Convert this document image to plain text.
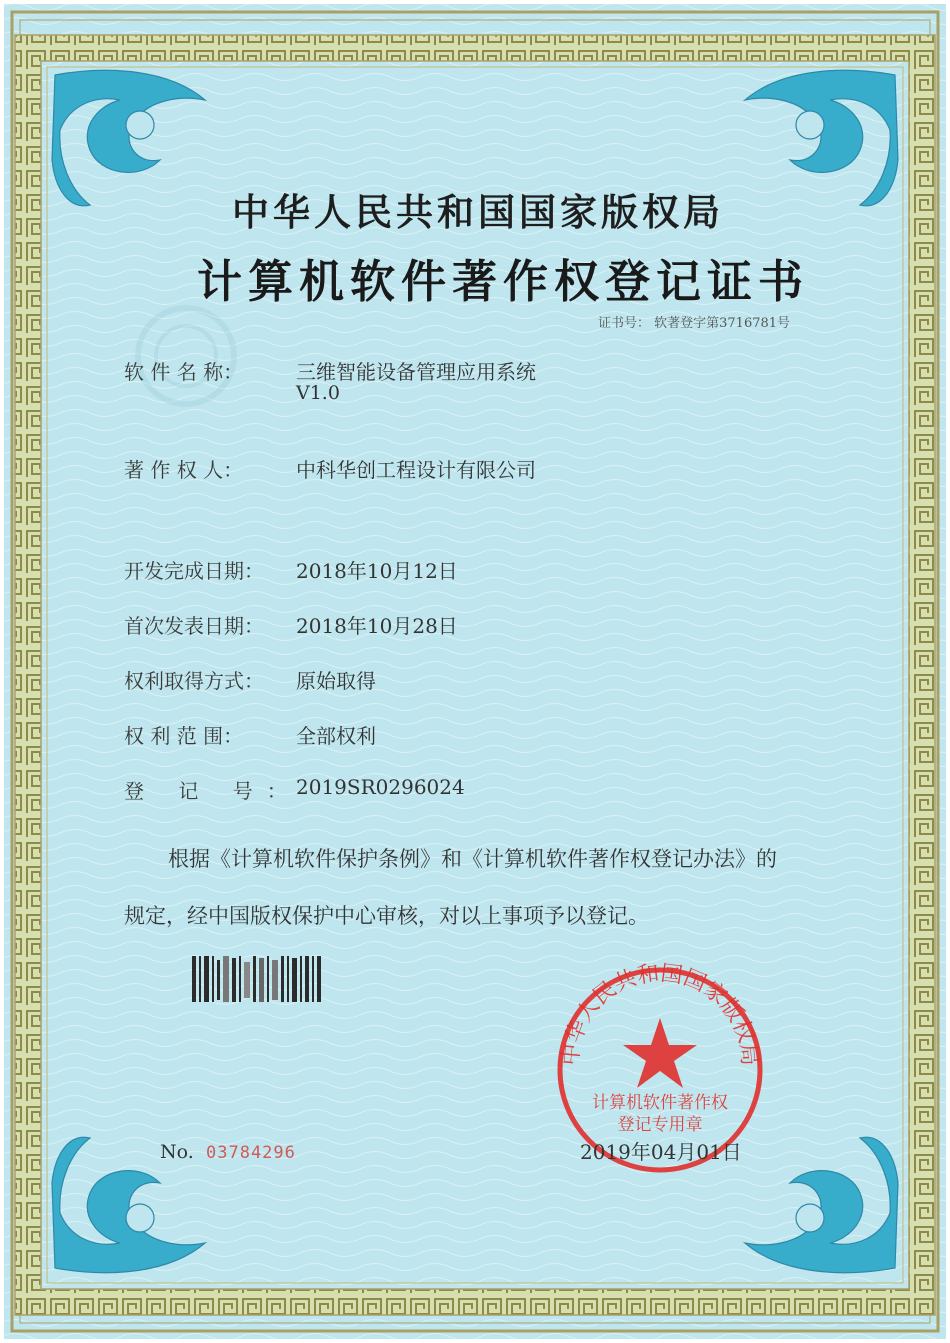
中华人民共和国国家版权局
计算机软件著作权登记证书
证书号： 软著登字第3716781号
软 件 名 称：	三维智能设备管理应用系统
V1.0
著 作 权 人：	中科华创工程设计有限公司
开发完成日期： 2018年10月12日
首次发表日期： 2018年10月28日
权利取得方式： 原始取得
权 利 范 围：	全部权利
登 记 号：
2019SR0296024
根据《计算机软件保护条例》和《计算机软件著作权登记办法》的
规定，经中国版权保护中心审核，对以上事项予以登记。
中华人民共和国国家版权局
计算机软件著作权
登记专用章
No. 03784296	2019年04月01日
